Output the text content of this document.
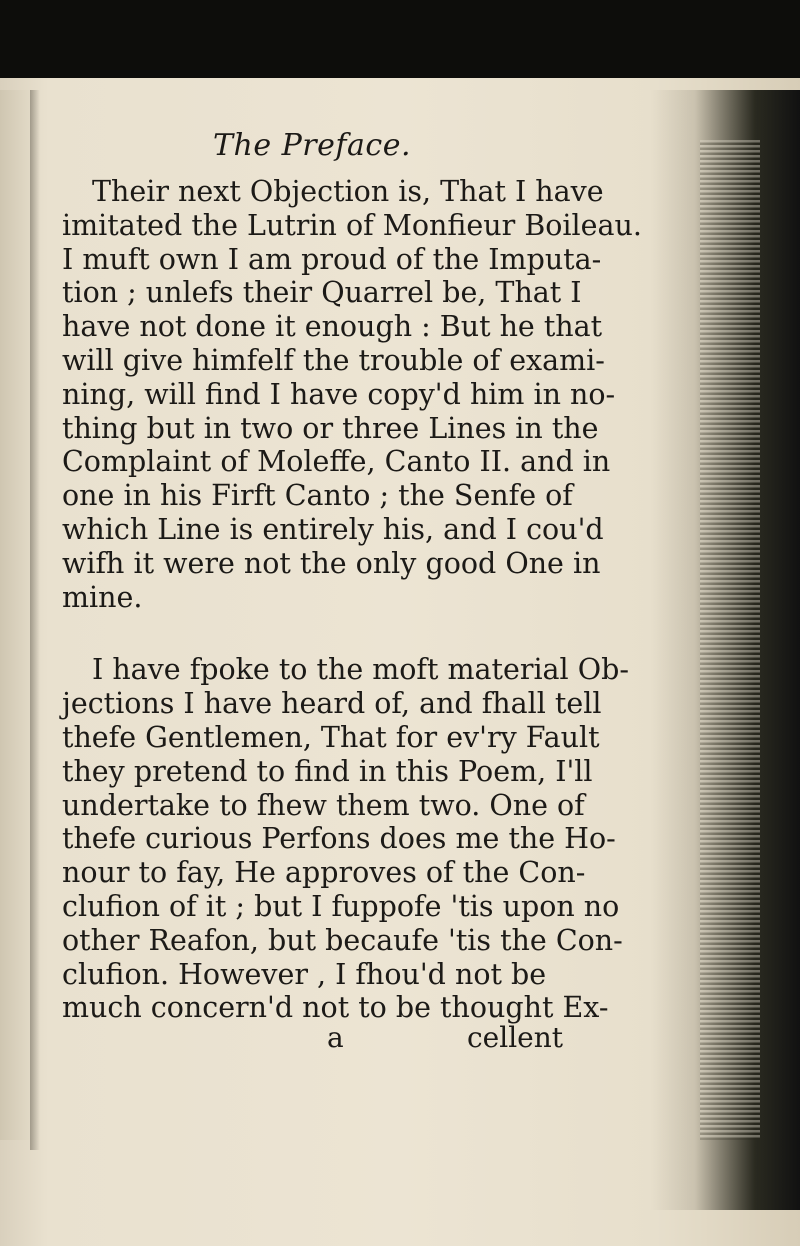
The Preface.

Their next Objection is, That I have
imitated the Lutrin of Monfieur Boileau.
I muft own I am proud of the Imputa-
tion ; unlefs their Quarrel be, That I
have not done it enough : But he that
will give himfelf the trouble of exami-
ning, will find I have copy'd him in no-
thing but in two or three Lines in the
Complaint of Moleffe, Canto II. and in
one in his Firft Canto ; the Senfe of
which Line is entirely his, and I cou'd
wifh it were not the only good One in
mine.

I have fpoke to the moft material Ob-
jections I have heard of, and fhall tell
thefe Gentlemen, That for ev'ry Fault
they pretend to find in this Poem, I'll
undertake to fhew them two. One of
thefe curious Perfons does me the Ho-
nour to fay, He approves of the Con-
clufion of it ; but I fuppofe 'tis upon no
other Reafon, but becaufe 'tis the Con-
clufion. However , I fhou'd not be
much concern'd not to be thought Ex-

a	cellent
